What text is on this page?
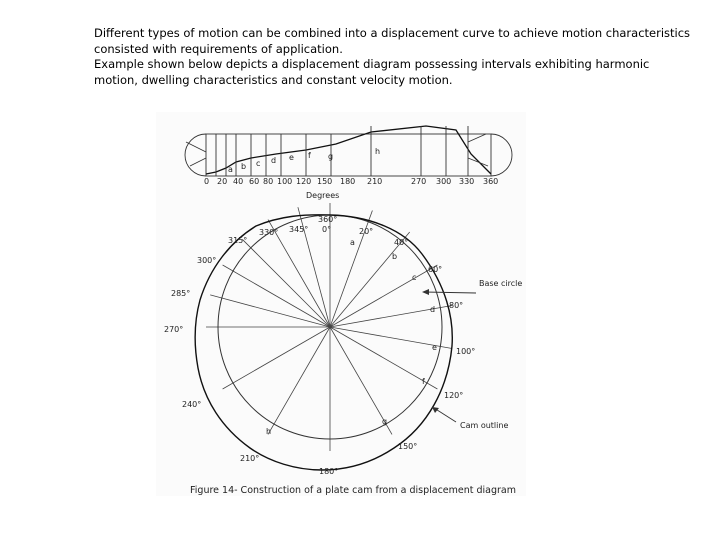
Different types of motion can be combined into a displacement curve to achieve motion characteristics consisted with requirements of application.

Example shown below depicts a displacement diagram possessing intervals exhibiting harmonic motion, dwelling characteristics and constant velocity motion.

a b c d e f g
h
0 20 40 60 80 100 120 150 180 210	270 300 330 360
Degrees
Base circle
Cam outline
360°
0°	20°
40°
60°
80°
100°
120°
150°
180°
210°
240°
270°
285°
300°
315°
330° 345°
a
b
c
d
e
f
g
h
Figure 14- Construction of a plate cam from a displacement diagram
